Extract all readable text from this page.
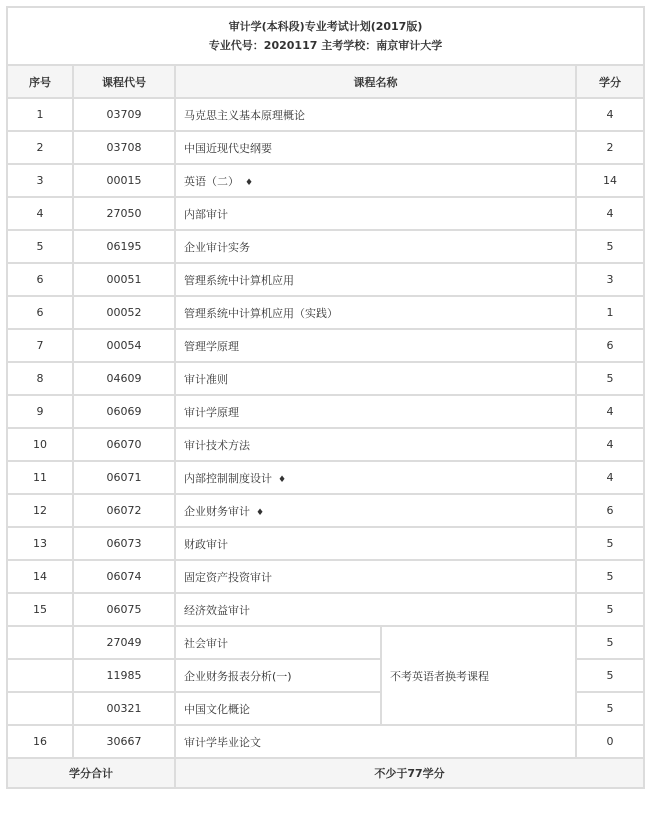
审计学(本科段)专业考试计划(2017版)
专业代号：2020117 主考学校：南京审计大学				

序号	课程代号	课程名称		学分
1	03709	马克思主义基本原理概论		4
2	03708	中国近现代史纲要		2
3	00015	英语（二） ♦		14
4	27050	内部审计		4
5	06195	企业审计实务		5
6	00051	管理系统中计算机应用		3
6	00052	管理系统中计算机应用（实践）		1
7	00054	管理学原理		6
8	04609	审计准则		5
9	06069	审计学原理		4
10	06070	审计技术方法		4
11	06071	内部控制制度设计 ♦		4
12	06072	企业财务审计 ♦		6
13	06073	财政审计		5
14	06074	固定资产投资审计		5
15	06075	经济效益审计		5
	27049	社会审计	不考英语者换考课程	5
	11985	企业财务报表分析(一)		5
	00321	中国文化概论		5
16	30667	审计学毕业论文		0
学分合计		不少于77学分		
